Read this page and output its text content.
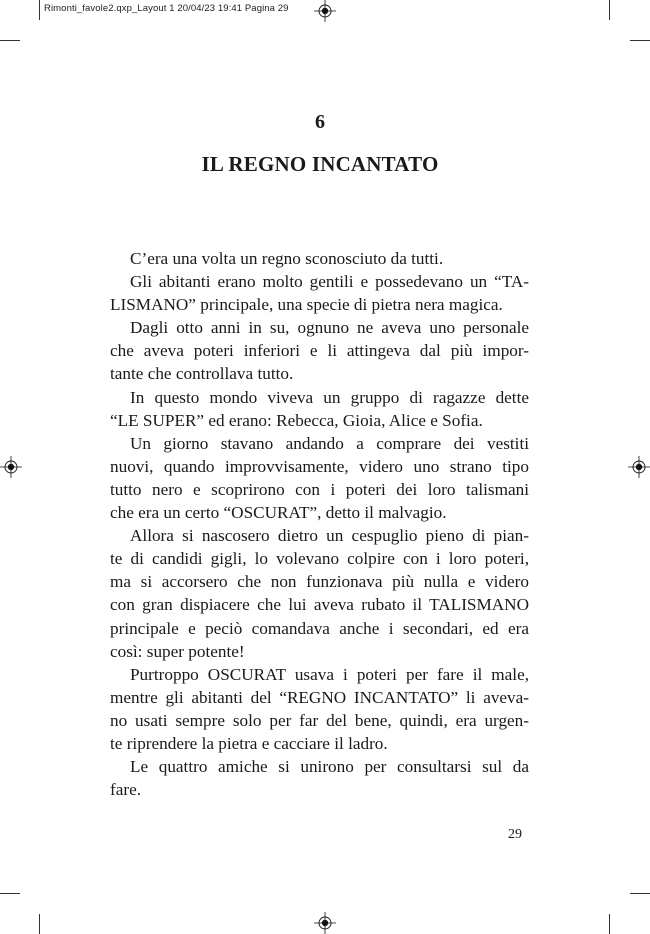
Rimonti_favole2.qxp_Layout 1 20/04/23 19:41 Pagina 29
6
IL REGNO INCANTATO
C’era una volta un regno sconosciuto da tutti.
Gli abitanti erano molto gentili e possedevano un “TA-
LISMANO” principale, una specie di pietra nera magica.
Dagli otto anni in su, ognuno ne aveva uno personale
che aveva poteri inferiori e li attingeva dal più impor-
tante che controllava tutto.
In questo mondo viveva un gruppo di ragazze dette
“LE SUPER” ed erano: Rebecca, Gioia, Alice e Sofia.
Un giorno stavano andando a comprare dei vestiti
nuovi, quando improvvisamente, videro uno strano tipo
tutto nero e scoprirono con i poteri dei loro talismani
che era un certo “OSCURAT”, detto il malvagio.
Allora si nascosero dietro un cespuglio pieno di pian-
te di candidi gigli, lo volevano colpire con i loro poteri,
ma si accorsero che non funzionava più nulla e videro
con gran dispiacere che lui aveva rubato il TALISMANO
principale e peciò comandava anche i secondari, ed era
così: super potente!
Purtroppo OSCURAT usava i poteri per fare il male,
mentre gli abitanti del “REGNO INCANTATO” li aveva-
no usati sempre solo per far del bene, quindi, era urgen-
te riprendere la pietra e cacciare il ladro.
Le quattro amiche si unirono per consultarsi sul da
fare.
29
